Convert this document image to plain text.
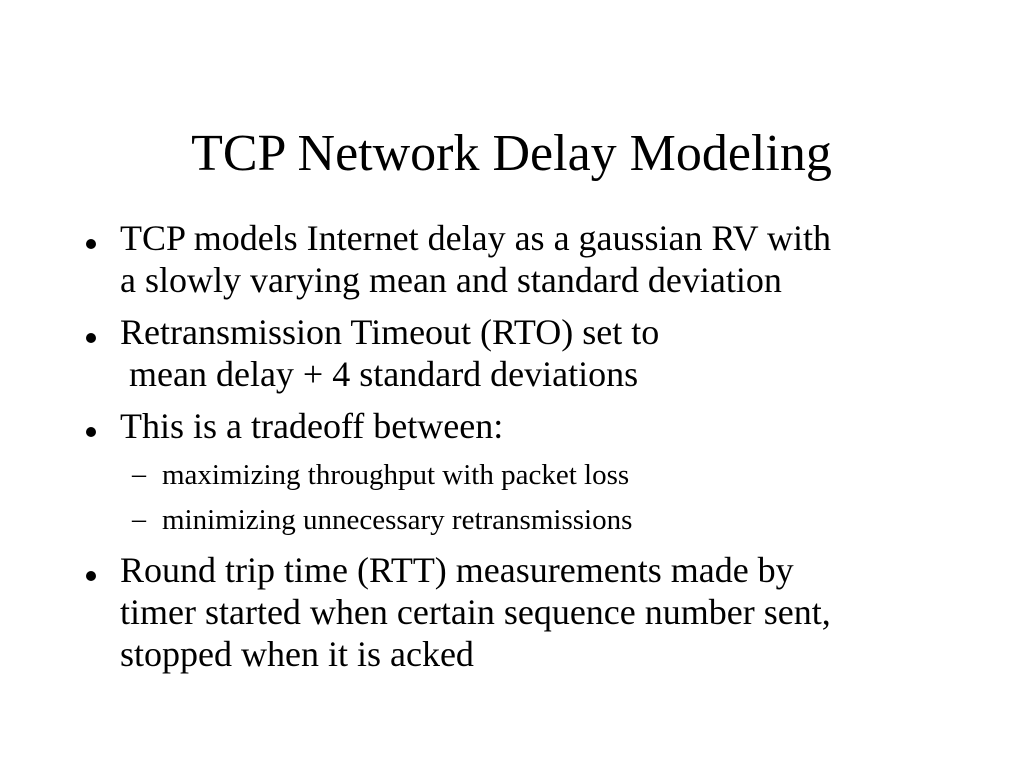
TCP Network Delay Modeling
TCP models Internet delay as a gaussian RV with
a slowly varying mean and standard deviation
Retransmission Timeout (RTO) set to
mean delay + 4 standard deviations
This is a tradeoff between:
– maximizing throughput with packet loss
– minimizing unnecessary retransmissions
Round trip time (RTT) measurements made by
timer started when certain sequence number sent,
stopped when it is acked
